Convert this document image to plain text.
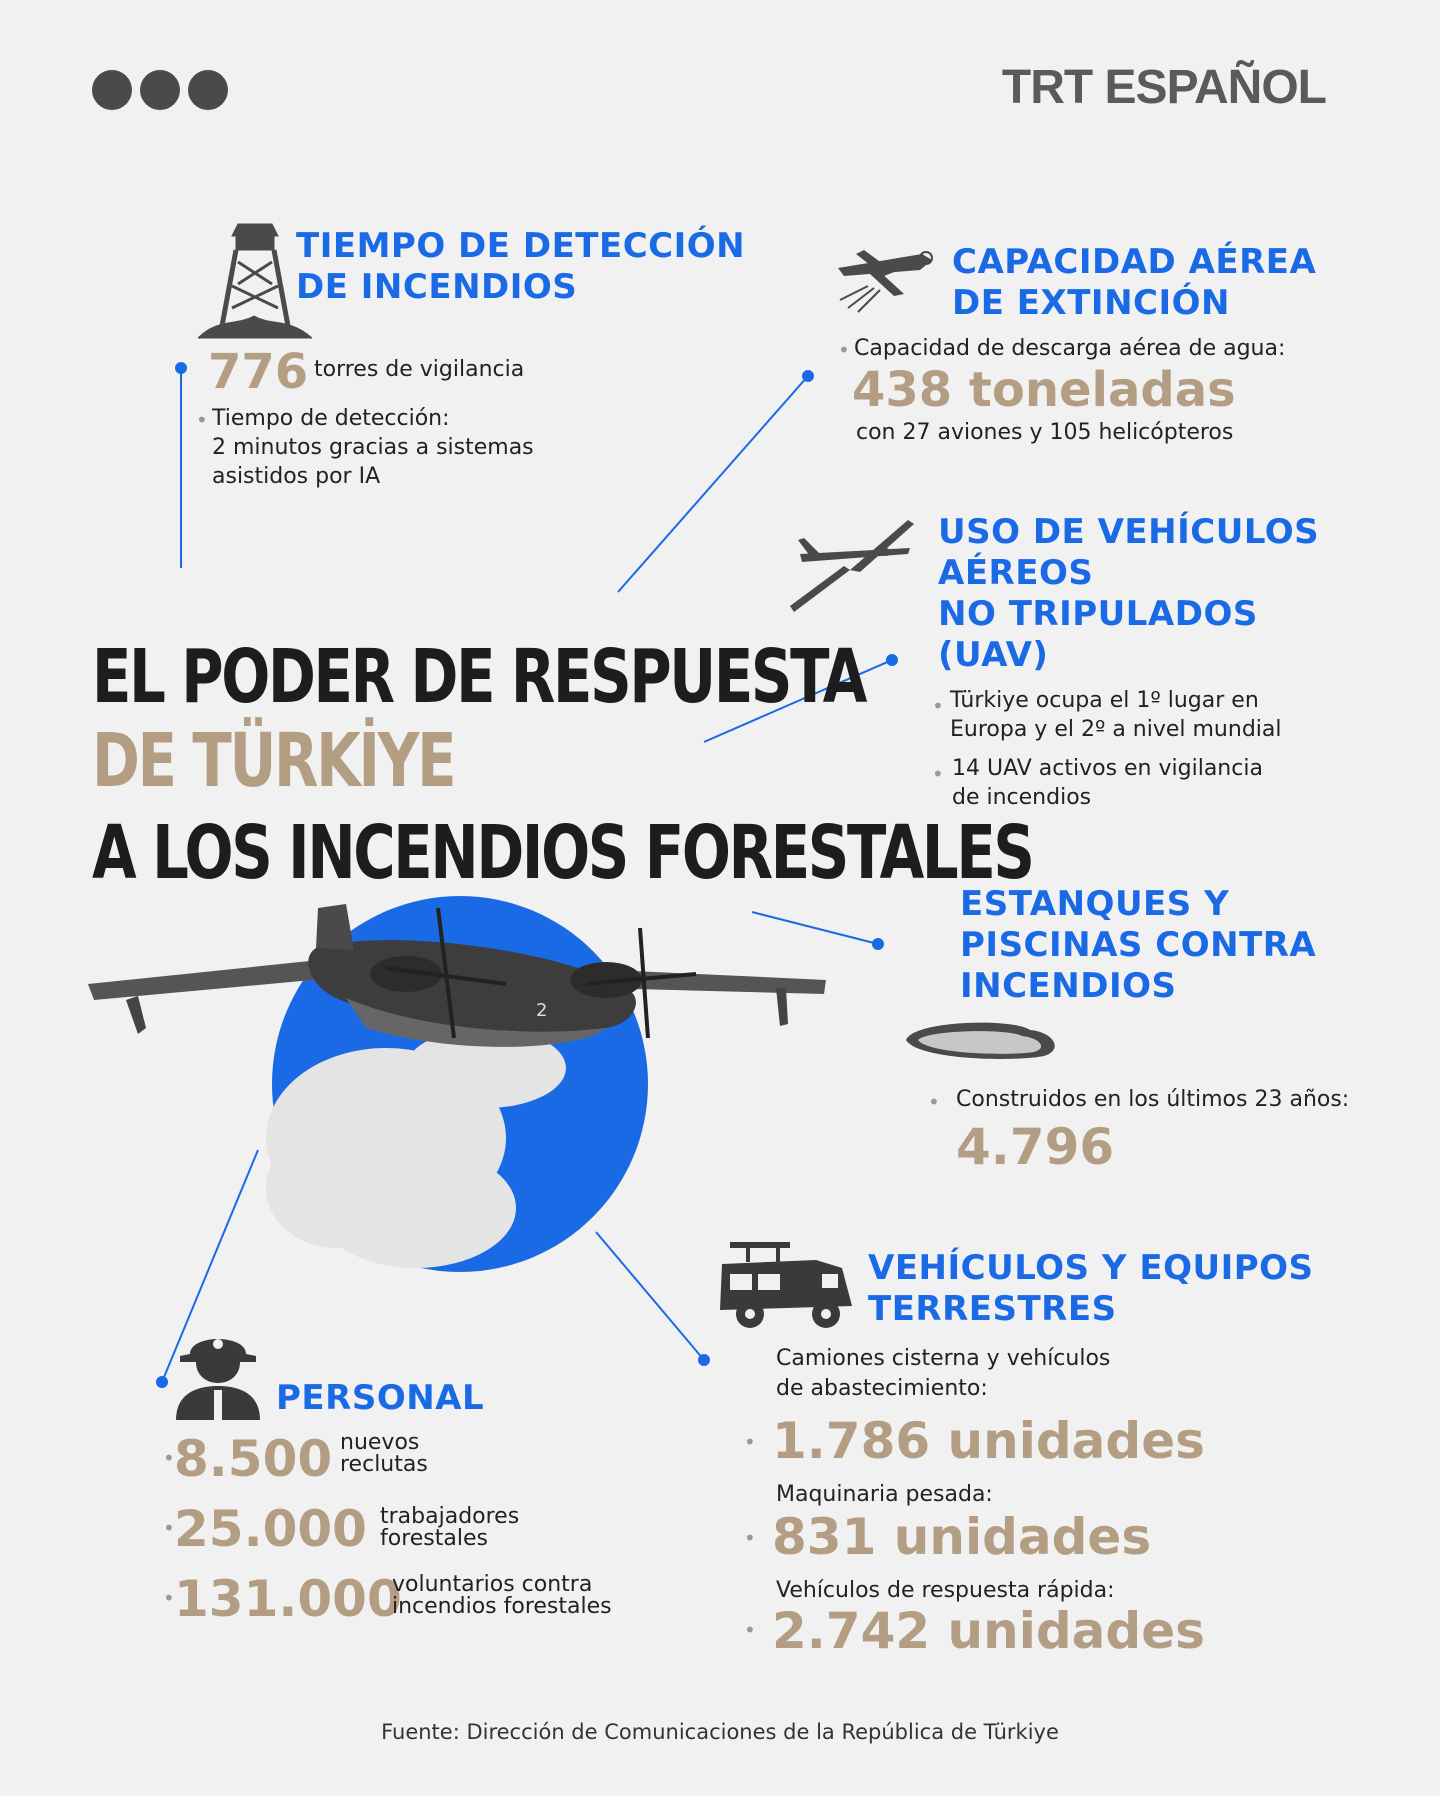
TRT ESPAÑOL
TIEMPO DE DETECCIÓN
DE INCENDIOS
776 torres de vigilancia
• Tiempo de detección:
2 minutos gracias a sistemas
asistidos por IA
CAPACIDAD AÉREA
DE EXTINCIÓN
• Capacidad de descarga aérea de agua:
438 toneladas
con 27 aviones y 105 helicópteros
USO DE VEHÍCULOS
AÉREOS
NO TRIPULADOS
(UAV)
• Türkiye ocupa el 1º lugar en
Europa y el 2º a nivel mundial
• 14 UAV activos en vigilancia
de incendios
EL PODER DE RESPUESTA
DE TÜRKİYE
A LOS INCENDIOS FORESTALES
2
ESTANQUES Y
PISCINAS CONTRA
INCENDIOS
• Construidos en los últimos 23 años:
4.796
PERSONAL
• 8.500 nuevos
reclutas
• 25.000 trabajadores
forestales
• 131.000
voluntarios contra
incendios forestales
VEHÍCULOS Y EQUIPOS
TERRESTRES
Camiones cisterna y vehículos
de abastecimiento:
• 1.786 unidades
Maquinaria pesada:
• 831 unidades
Vehículos de respuesta rápida:
• 2.742 unidades

Fuente: Dirección de Comunicaciones de la República de Türkiye
